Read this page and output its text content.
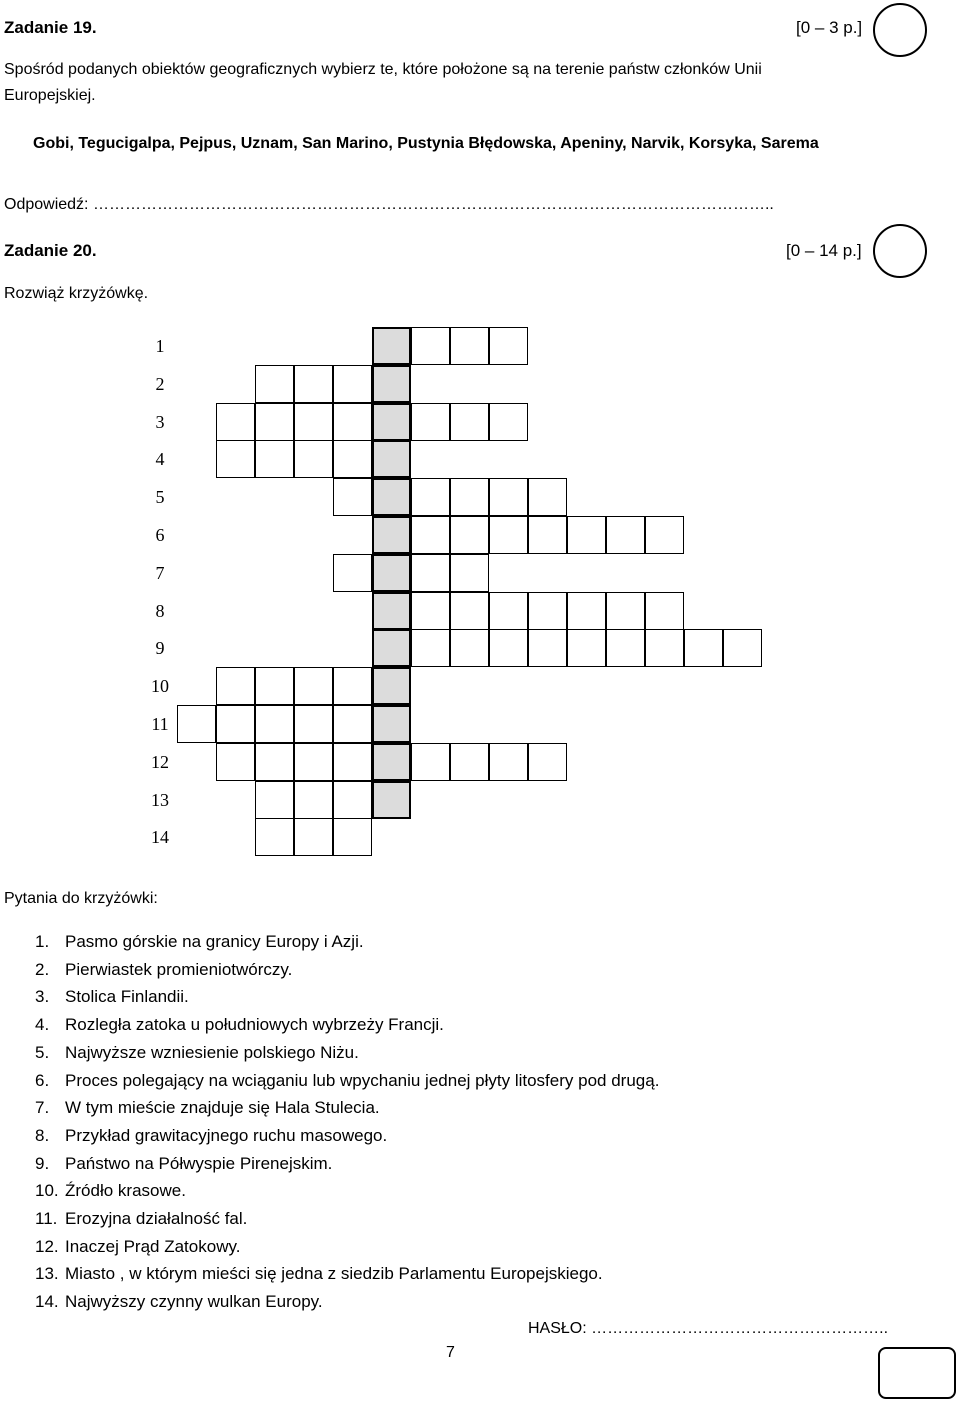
Zadanie 19.	[0 – 3 p.]
Spośród podanych obiektów geograficznych wybierz te, które położone są na terenie państw członków Unii
Europejskiej.
Gobi, Tegucigalpa, Pejpus, Uznam, San Marino, Pustynia Błędowska, Apeniny, Narvik, Korsyka, Sarema
Odpowiedź: ………………………………………………………………………………………………………………..
Zadanie 20.	[0 – 14 p.]
Rozwiąż krzyżówkę.
1
2
3
4
5
6
7
8
9
10
11
12
13
14
Pytania do krzyżówki:
1. Pasmo górskie na granicy Europy i Azji.
2. Pierwiastek promieniotwórczy.
3. Stolica Finlandii.
4. Rozległa zatoka u południowych wybrzeży Francji.
5. Najwyższe wzniesienie polskiego Niżu.
6. Proces polegający na wciąganiu lub wpychaniu jednej płyty litosfery pod drugą.
7. W tym mieście znajduje się Hala Stulecia.
8. Przykład grawitacyjnego ruchu masowego.
9. Państwo na Półwyspie Pirenejskim.
10. Źródło krasowe.
11. Erozyjna działalność fal.
12. Inaczej Prąd Zatokowy.
13. Miasto , w którym mieści się jedna z siedzib Parlamentu Europejskiego.
14. Najwyższy czynny wulkan Europy.
HASŁO: ………………………………………………..
7
